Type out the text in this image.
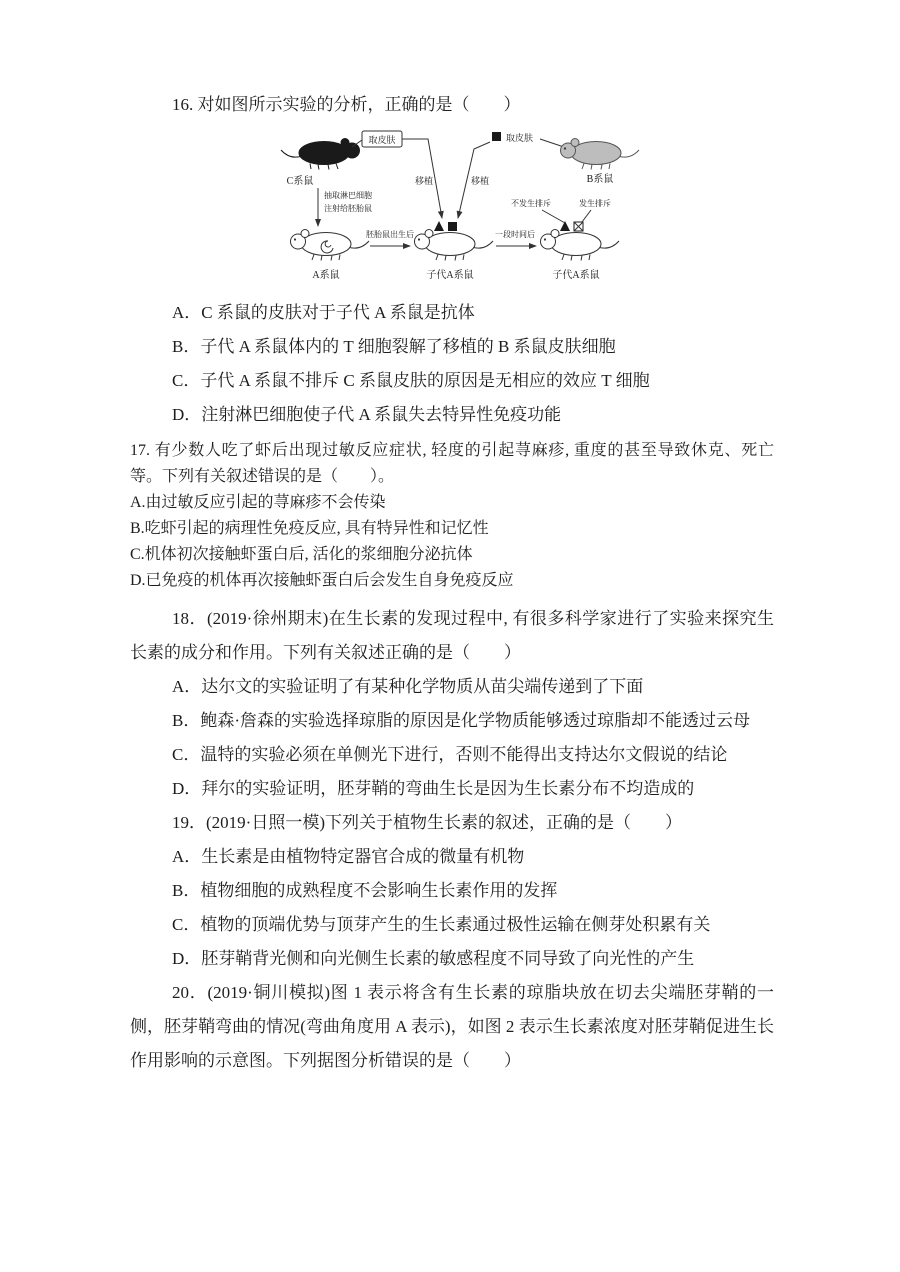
16. 对如图所示实验的分析，正确的是（　　）

C系鼠
取皮肤
移植	移植
取皮肤
B系鼠
抽取淋巴细胞
注射给胚胎鼠
A系鼠
胚胎鼠出生后
子代A系鼠
一段时间后
不发生排斥	发生排斥
子代A系鼠

A．C 系鼠的皮肤对于子代 A 系鼠是抗体

B．子代 A 系鼠体内的 T 细胞裂解了移植的 B 系鼠皮肤细胞

C．子代 A 系鼠不排斥 C 系鼠皮肤的原因是无相应的效应 T 细胞

D．注射淋巴细胞使子代 A 系鼠失去特异性免疫功能

17. 有少数人吃了虾后出现过敏反应症状, 轻度的引起荨麻疹, 重度的甚至导致休克、死亡等。下列有关叙述错误的是（　　）。

A.由过敏反应引起的荨麻疹不会传染

B.吃虾引起的病理性免疫反应, 具有特异性和记忆性

C.机体初次接触虾蛋白后, 活化的浆细胞分泌抗体

D.已免疫的机体再次接触虾蛋白后会发生自身免疫反应

18．(2019·徐州期末)在生长素的发现过程中, 有很多科学家进行了实验来探究生长素的成分和作用。下列有关叙述正确的是（　　）

A．达尔文的实验证明了有某种化学物质从苗尖端传递到了下面

B．鲍森·詹森的实验选择琼脂的原因是化学物质能够透过琼脂却不能透过云母

C．温特的实验必须在单侧光下进行，否则不能得出支持达尔文假说的结论

D．拜尔的实验证明，胚芽鞘的弯曲生长是因为生长素分布不均造成的

19．(2019·日照一模)下列关于植物生长素的叙述，正确的是（　　）

A．生长素是由植物特定器官合成的微量有机物

B．植物细胞的成熟程度不会影响生长素作用的发挥

C．植物的顶端优势与顶芽产生的生长素通过极性运输在侧芽处积累有关

D．胚芽鞘背光侧和向光侧生长素的敏感程度不同导致了向光性的产生

20．(2019·铜川模拟)图 1 表示将含有生长素的琼脂块放在切去尖端胚芽鞘的一侧，胚芽鞘弯曲的情况(弯曲角度用 A 表示)，如图 2 表示生长素浓度对胚芽鞘促进生长作用影响的示意图。下列据图分析错误的是（　　）
